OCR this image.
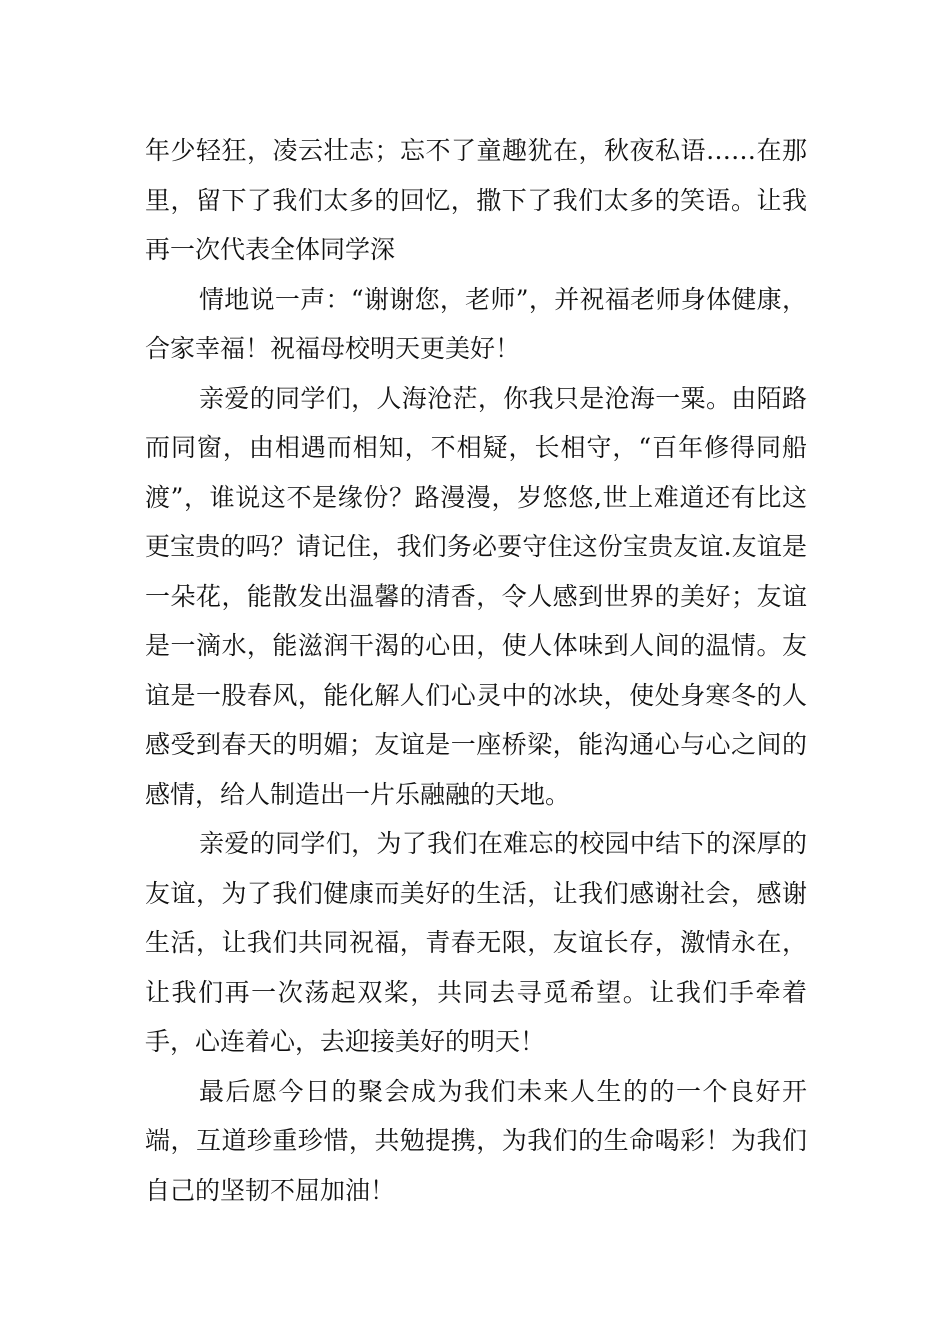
年少轻狂，凌云壮志；忘不了童趣犹在，秋夜私语……在那里，留下了我们太多的回忆，撒下了我们太多的笑语。让我再一次代表全体同学深

情地说一声：“谢谢您，老师”，并祝福老师身体健康，合家幸福！祝福母校明天更美好！

亲爱的同学们，人海沧茫，你我只是沧海一粟。由陌路而同窗，由相遇而相知，不相疑，长相守，“百年修得同船渡”，谁说这不是缘份？路漫漫，岁悠悠,世上难道还有比这更宝贵的吗？请记住，我们务必要守住这份宝贵友谊.友谊是一朵花，能散发出温馨的清香，令人感到世界的美好；友谊是一滴水，能滋润干渴的心田，使人体味到人间的温情。友谊是一股春风，能化解人们心灵中的冰块，使处身寒冬的人感受到春天的明媚；友谊是一座桥梁，能沟通心与心之间的感情，给人制造出一片乐融融的天地。

亲爱的同学们，为了我们在难忘的校园中结下的深厚的友谊，为了我们健康而美好的生活，让我们感谢社会，感谢生活，让我们共同祝福，青春无限，友谊长存，激情永在，让我们再一次荡起双桨，共同去寻觅希望。让我们手牵着手，心连着心，去迎接美好的明天！

最后愿今日的聚会成为我们未来人生的的一个良好开端，互道珍重珍惜，共勉提携，为我们的生命喝彩！为我们自己的坚韧不屈加油！
